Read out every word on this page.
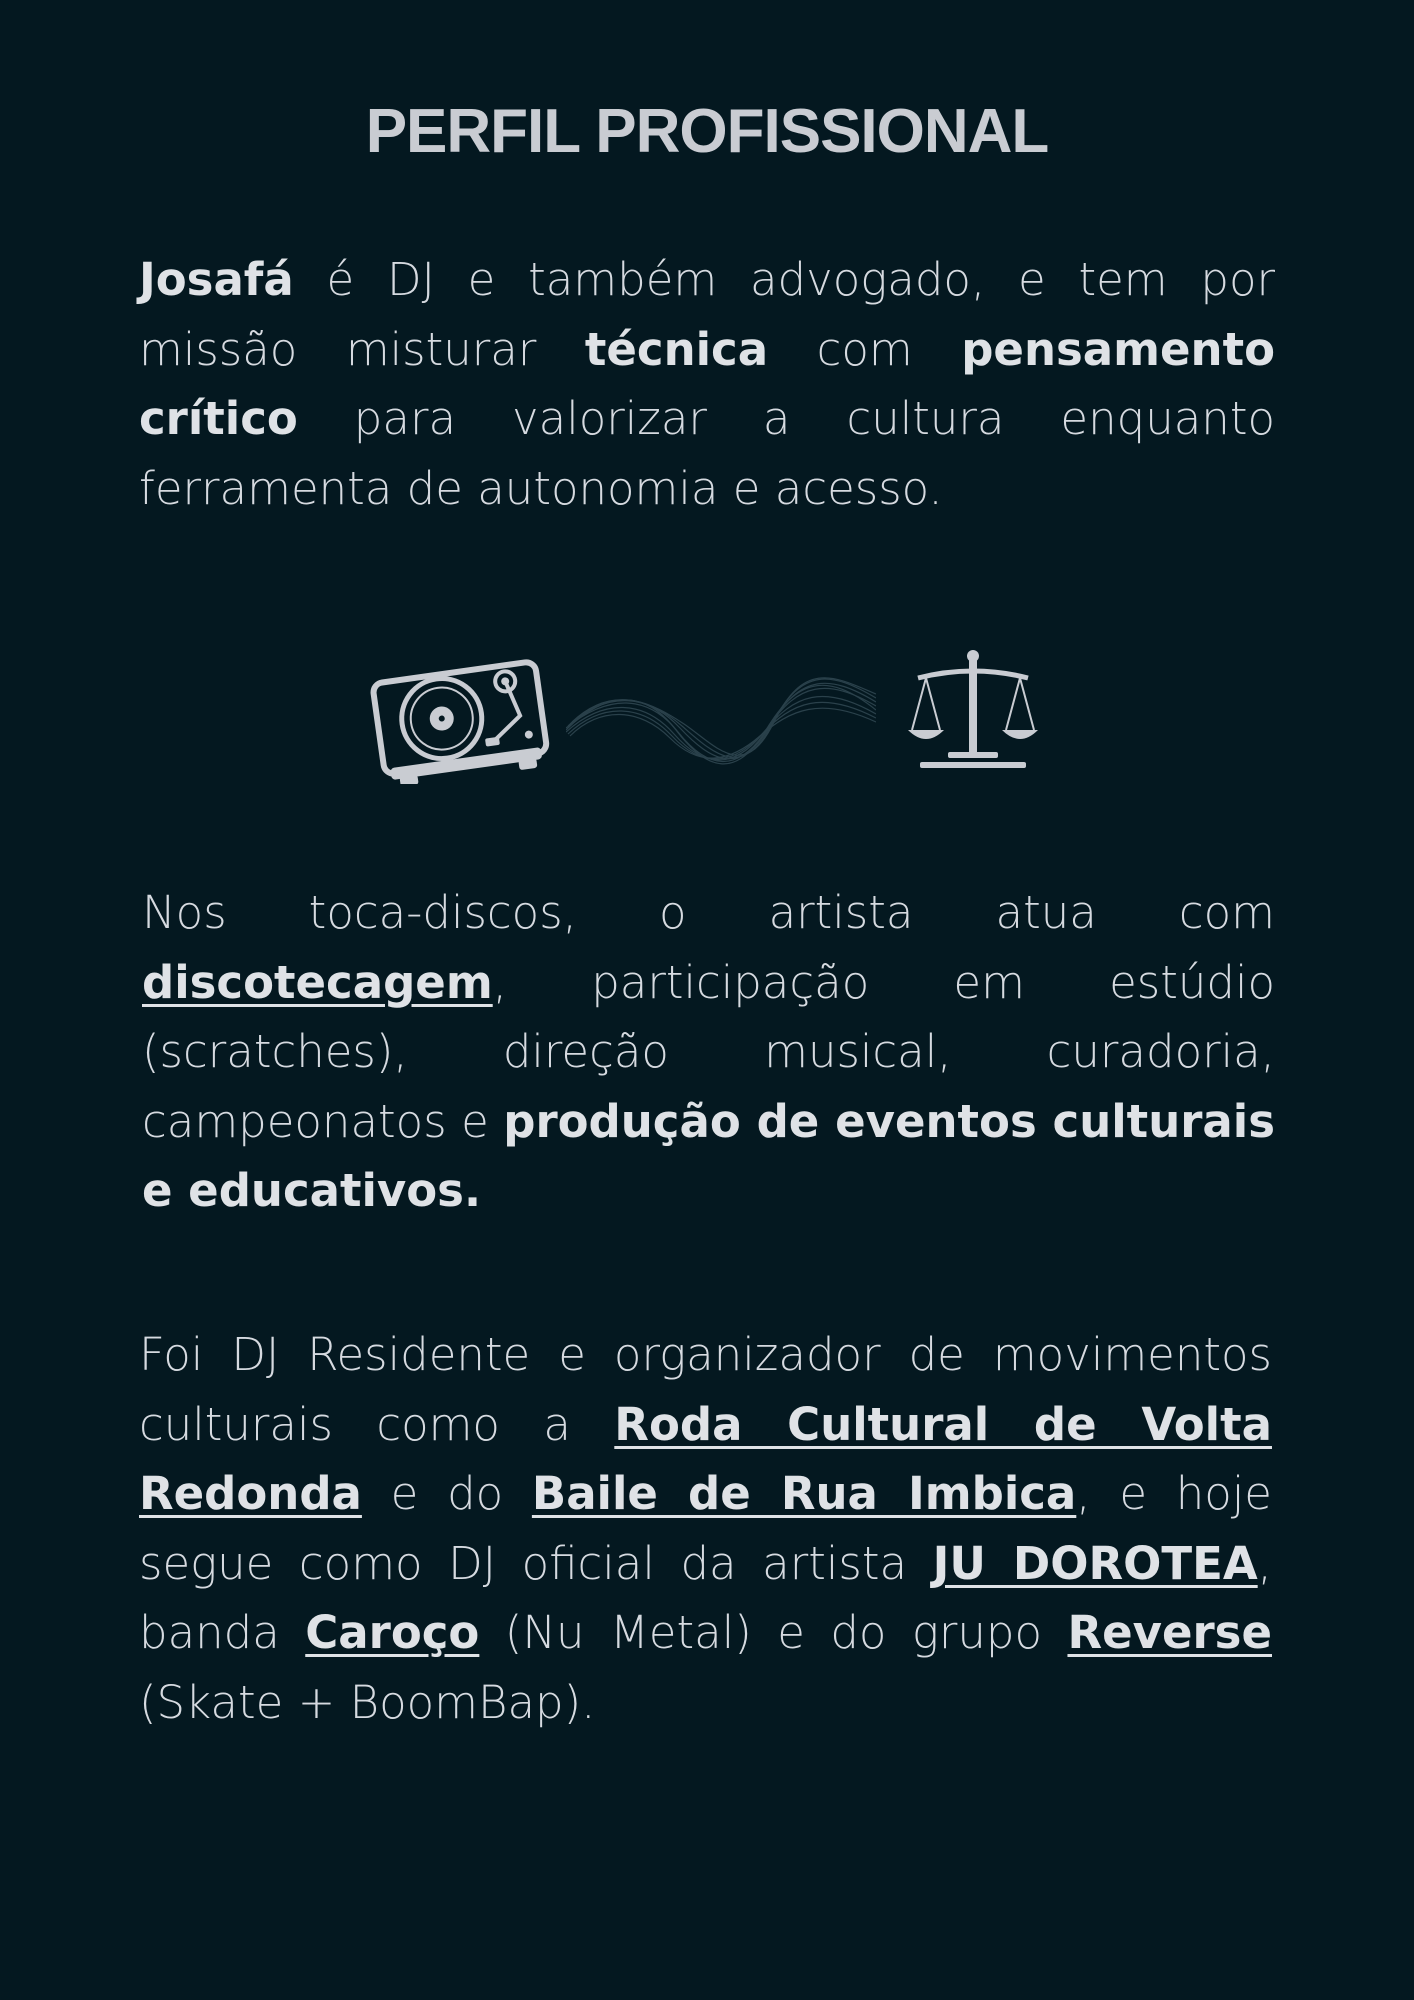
PERFIL PROFISSIONAL

Josafá é DJ e também advogado, e tem por missão misturar técnica com pensamento crítico para valorizar a cultura enquanto ferramenta de autonomia e acesso.

Nos toca-discos, o artista atua com discotecagem, participação em estúdio (scratches), direção musical, curadoria, campeonatos e produção de eventos culturais e educativos.

Foi DJ Residente e organizador de movimentos culturais como a Roda Cultural de Volta Redonda e do Baile de Rua Imbica, e hoje segue como DJ oficial da artista JU DOROTEA, banda Caroço (Nu Metal) e do grupo Reverse (Skate + BoomBap).
